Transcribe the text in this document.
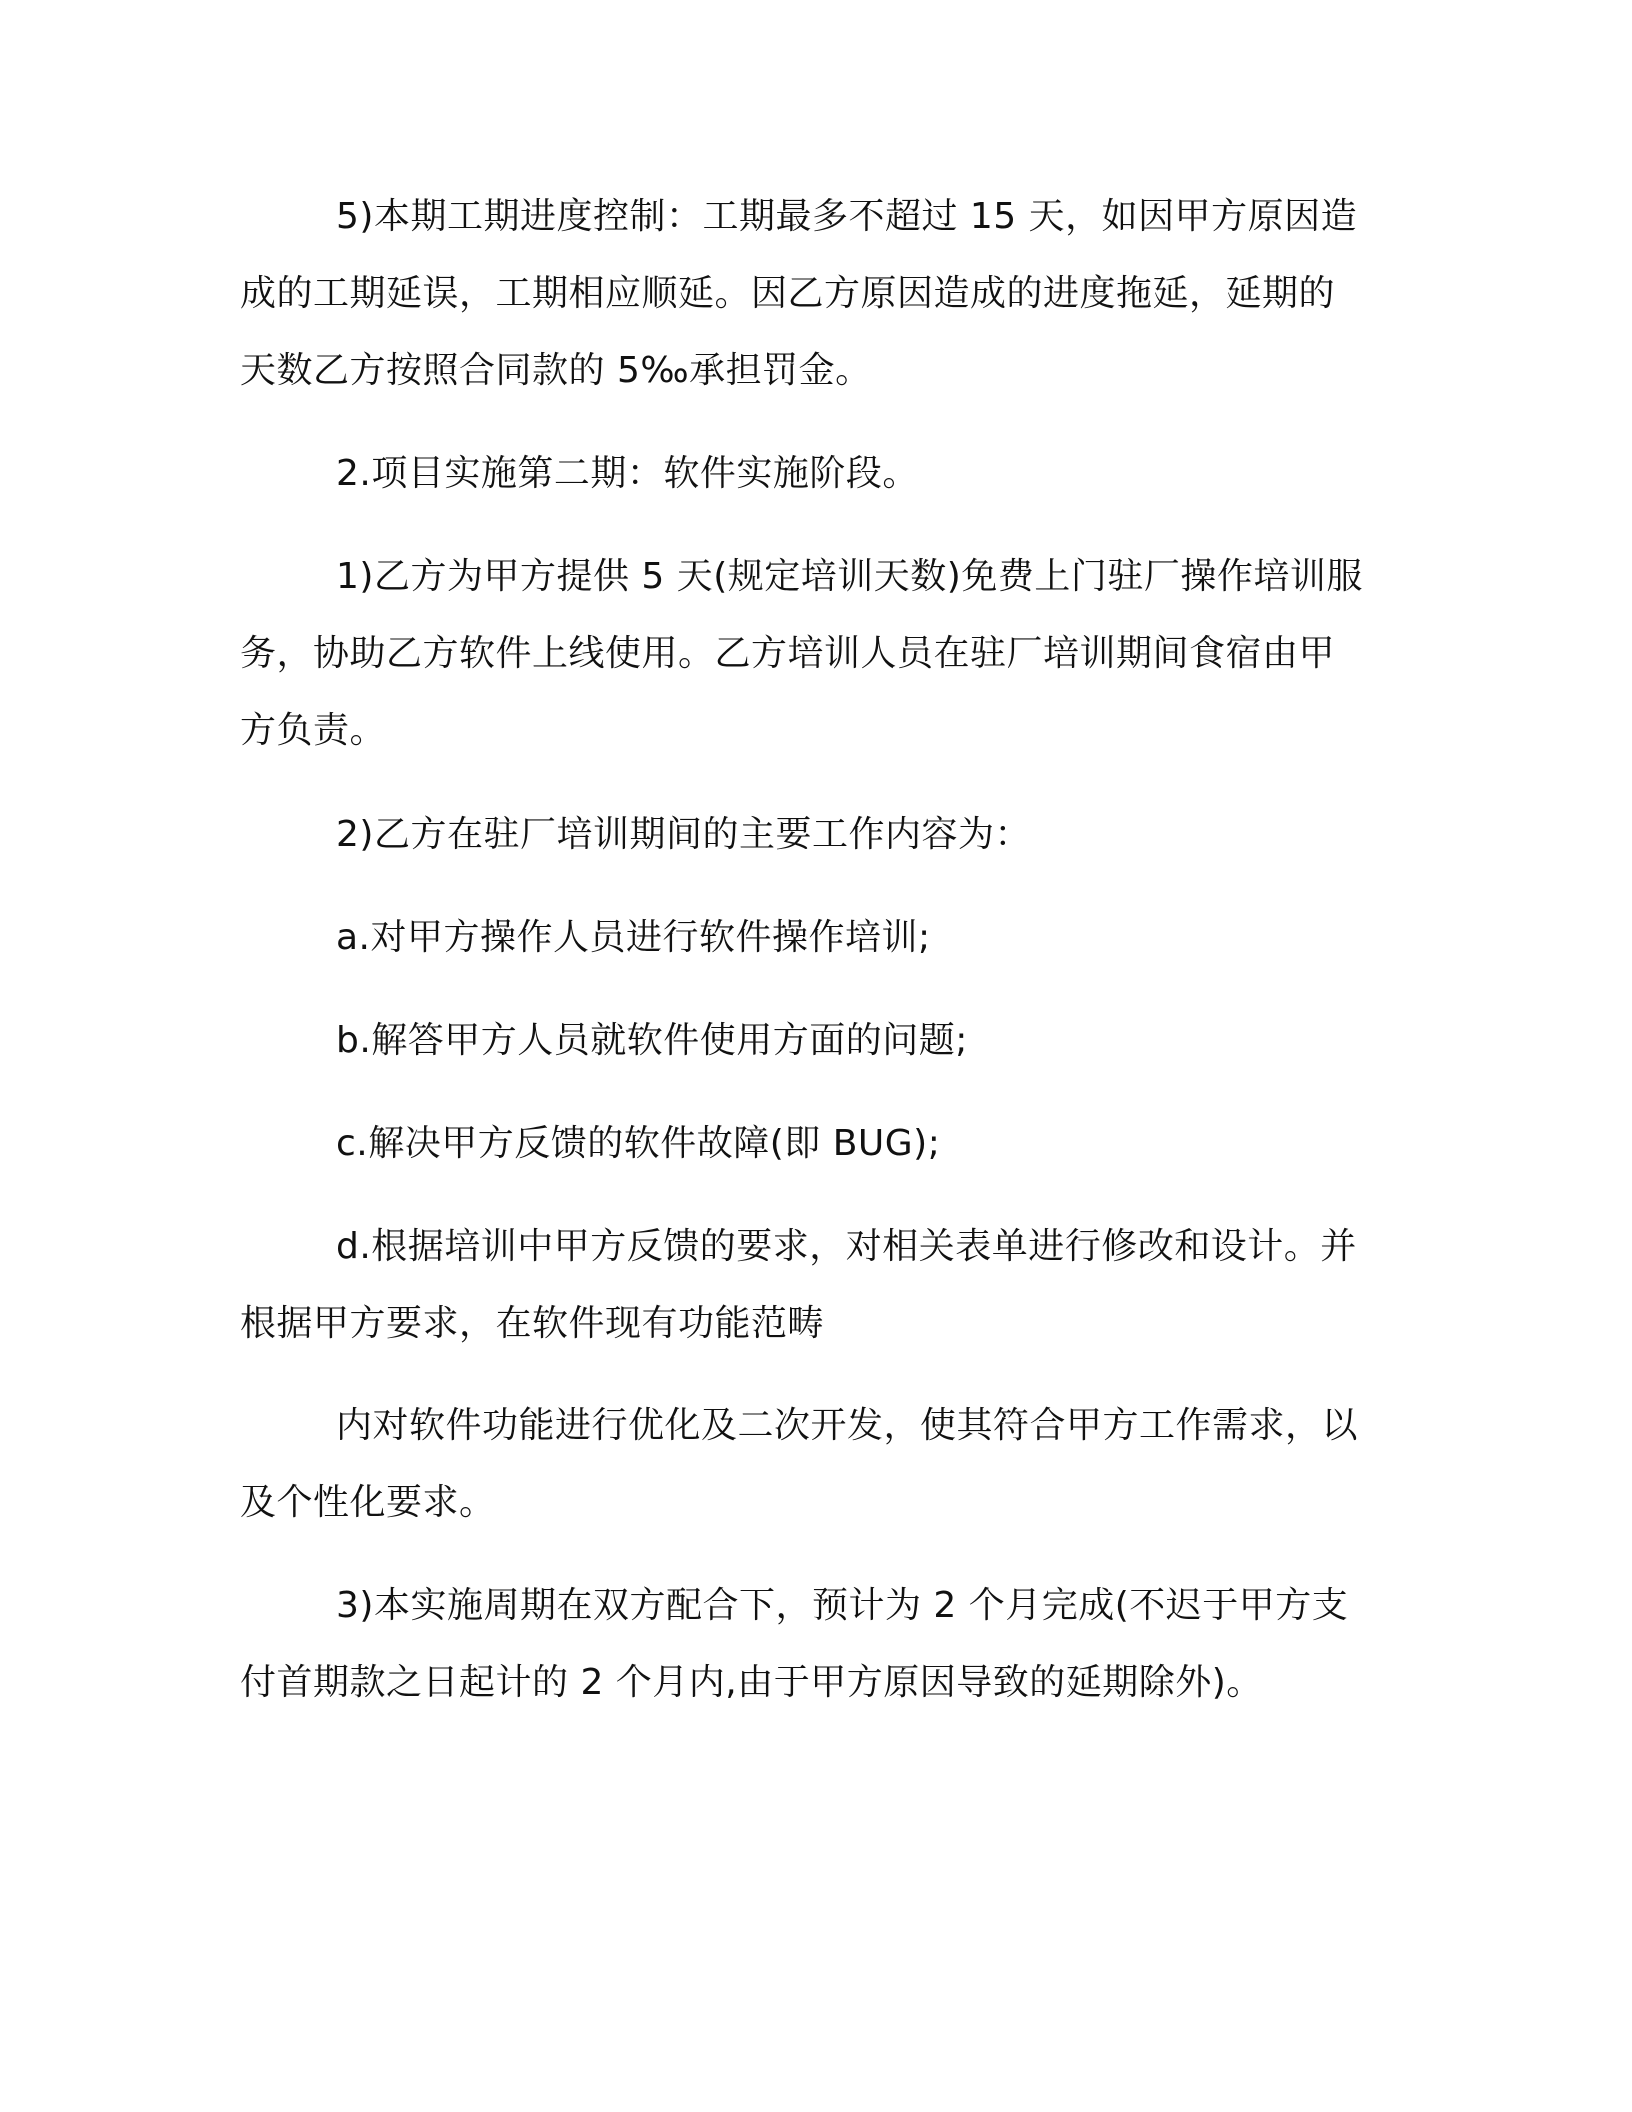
5)本期工期进度控制：工期最多不超过 15 天，如因甲方原因造
成的工期延误，工期相应顺延。因乙方原因造成的进度拖延，延期的
天数乙方按照合同款的 5‰承担罚金。
2.项目实施第二期：软件实施阶段。
1)乙方为甲方提供 5 天(规定培训天数)免费上门驻厂操作培训服
务，协助乙方软件上线使用。乙方培训人员在驻厂培训期间食宿由甲
方负责。
2)乙方在驻厂培训期间的主要工作内容为：
a.对甲方操作人员进行软件操作培训;
b.解答甲方人员就软件使用方面的问题;
c.解决甲方反馈的软件故障(即 BUG);
d.根据培训中甲方反馈的要求，对相关表单进行修改和设计。并
根据甲方要求，在软件现有功能范畴
内对软件功能进行优化及二次开发，使其符合甲方工作需求，以
及个性化要求。
3)本实施周期在双方配合下，预计为 2 个月完成(不迟于甲方支
付首期款之日起计的 2 个月内,由于甲方原因导致的延期除外)。
